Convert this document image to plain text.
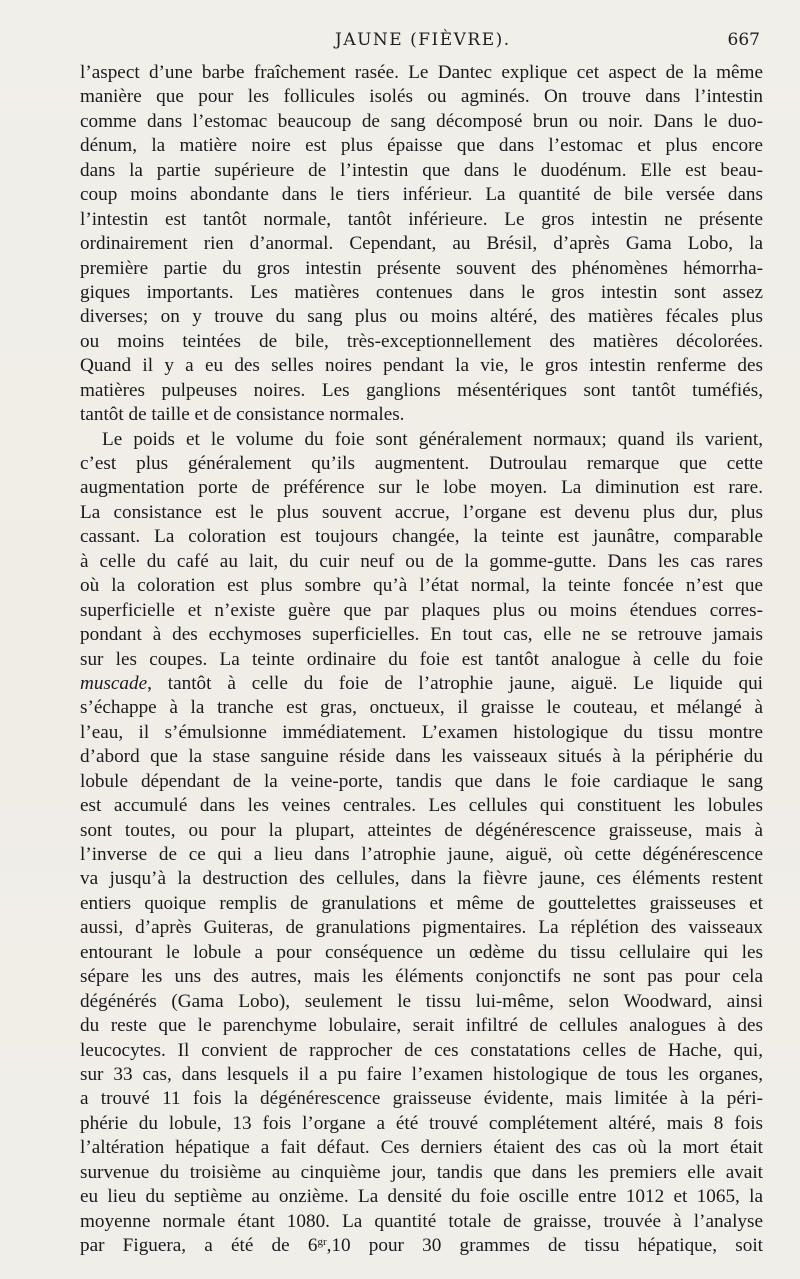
JAUNE (FIÈVRE).	667
l’aspect d’une barbe fraîchement rasée. Le Dantec explique cet aspect de la même
manière que pour les follicules isolés ou agminés. On trouve dans l’intestin
comme dans l’estomac beaucoup de sang décomposé brun ou noir. Dans le duo-
dénum, la matière noire est plus épaisse que dans l’estomac et plus encore
dans la partie supérieure de l’intestin que dans le duodénum. Elle est beau-
coup moins abondante dans le tiers inférieur. La quantité de bile versée dans
l’intestin est tantôt normale, tantôt inférieure. Le gros intestin ne présente
ordinairement rien d’anormal. Cependant, au Brésil, d’après Gama Lobo, la
première partie du gros intestin présente souvent des phénomènes hémorrha-
giques importants. Les matières contenues dans le gros intestin sont assez
diverses; on y trouve du sang plus ou moins altéré, des matières fécales plus
ou moins teintées de bile, très-exceptionnellement des matières décolorées.
Quand il y a eu des selles noires pendant la vie, le gros intestin renferme des
matières pulpeuses noires. Les ganglions mésentériques sont tantôt tuméfiés,
tantôt de taille et de consistance normales.
Le poids et le volume du foie sont généralement normaux; quand ils varient,
c’est plus généralement qu’ils augmentent. Dutroulau remarque que cette
augmentation porte de préférence sur le lobe moyen. La diminution est rare.
La consistance est le plus souvent accrue, l’organe est devenu plus dur, plus
cassant. La coloration est toujours changée, la teinte est jaunâtre, comparable
à celle du café au lait, du cuir neuf ou de la gomme-gutte. Dans les cas rares
où la coloration est plus sombre qu’à l’état normal, la teinte foncée n’est que
superficielle et n’existe guère que par plaques plus ou moins étendues corres-
pondant à des ecchymoses superficielles. En tout cas, elle ne se retrouve jamais
sur les coupes. La teinte ordinaire du foie est tantôt analogue à celle du foie
muscade, tantôt à celle du foie de l’atrophie jaune, aiguë. Le liquide qui
s’échappe à la tranche est gras, onctueux, il graisse le couteau, et mélangé à
l’eau, il s’émulsionne immédiatement. L’examen histologique du tissu montre
d’abord que la stase sanguine réside dans les vaisseaux situés à la périphérie du
lobule dépendant de la veine-porte, tandis que dans le foie cardiaque le sang
est accumulé dans les veines centrales. Les cellules qui constituent les lobules
sont toutes, ou pour la plupart, atteintes de dégénérescence graisseuse, mais à
l’inverse de ce qui a lieu dans l’atrophie jaune, aiguë, où cette dégénérescence
va jusqu’à la destruction des cellules, dans la fièvre jaune, ces éléments restent
entiers quoique remplis de granulations et même de gouttelettes graisseuses et
aussi, d’après Guiteras, de granulations pigmentaires. La réplétion des vaisseaux
entourant le lobule a pour conséquence un œdème du tissu cellulaire qui les
sépare les uns des autres, mais les éléments conjonctifs ne sont pas pour cela
dégénérés (Gama Lobo), seulement le tissu lui-même, selon Woodward, ainsi
du reste que le parenchyme lobulaire, serait infiltré de cellules analogues à des
leucocytes. Il convient de rapprocher de ces constatations celles de Hache, qui,
sur 33 cas, dans lesquels il a pu faire l’examen histologique de tous les organes,
a trouvé 11 fois la dégénérescence graisseuse évidente, mais limitée à la péri-
phérie du lobule, 13 fois l’organe a été trouvé complétement altéré, mais 8 fois
l’altération hépatique a fait défaut. Ces derniers étaient des cas où la mort était
survenue du troisième au cinquième jour, tandis que dans les premiers elle avait
eu lieu du septième au onzième. La densité du foie oscille entre 1012 et 1065, la
moyenne normale étant 1080. La quantité totale de graisse, trouvée à l’analyse
par Figuera, a été de $6^{gr},10$ pour 30 grammes de tissu hépatique, soit
